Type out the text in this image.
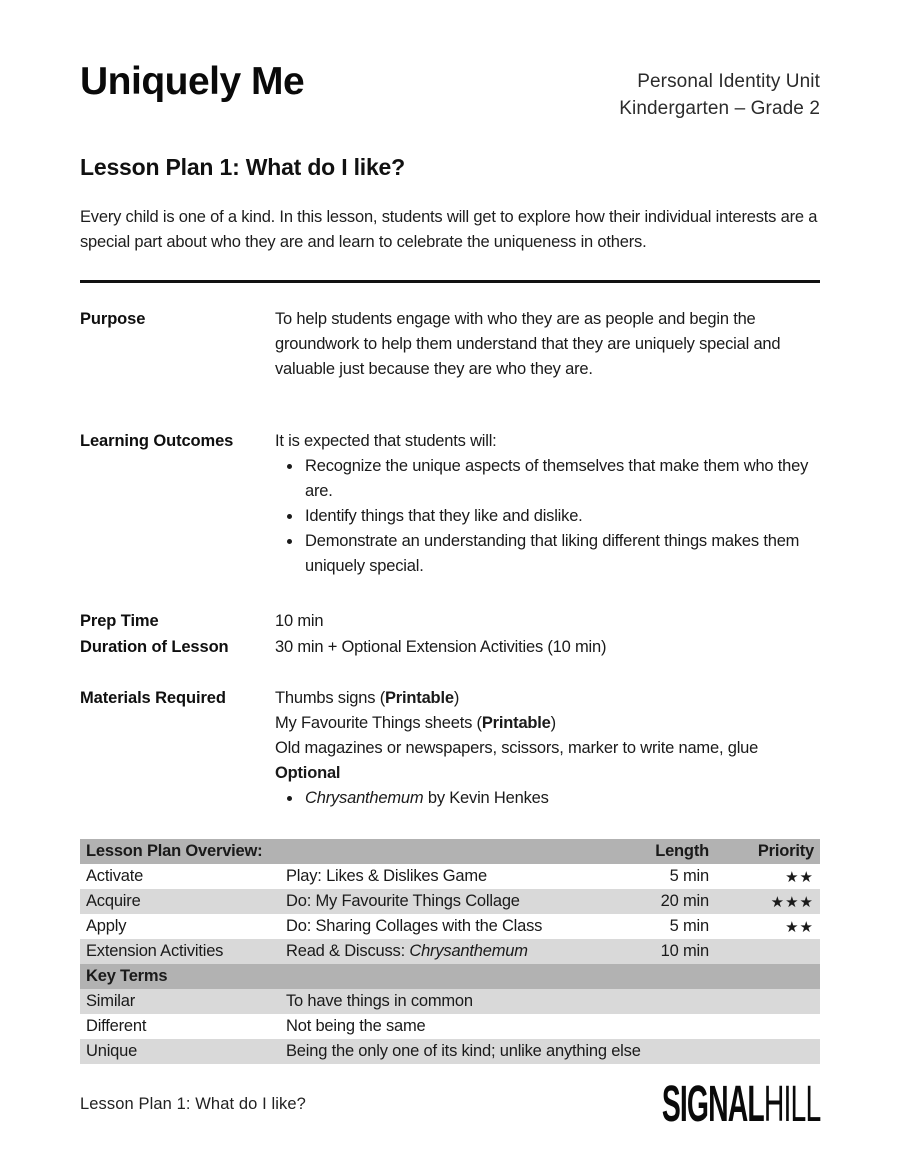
Uniquely Me	Personal Identity Unit
Kindergarten – Grade 2
Lesson Plan 1: What do I like?

Every child is one of a kind. In this lesson, students will get to explore how their individual interests are a special part about who they are and learn to celebrate the uniqueness in others.

Purpose	To help students engage with who they are as people and begin the groundwork to help them understand that they are uniquely special and valuable just because they are who they are.
Learning Outcomes	It is expected that students will:

• Recognize the unique aspects of themselves that make them who they are.
• Identify things that they like and dislike.
• Demonstrate an understanding that liking different things makes them uniquely special.
Prep Time	10 min
Duration of Lesson	30 min + Optional Extension Activities (10 min)
Materials Required	Thumbs signs (Printable)

My Favourite Things sheets (Printable)

Old magazines or newspapers, scissors, marker to write name, glue

Optional

• Chrysanthemum by Kevin Henkes
Lesson Plan Overview:		Length	Priority
Activate	Play: Likes & Dislikes Game	5 min	★★
Acquire	Do: My Favourite Things Collage	20 min	★★★
Apply	Do: Sharing Collages with the Class	5 min	★★
Extension Activities	Read & Discuss: Chrysanthemum	10 min	
Key Terms			
Similar	To have things in common		
Different	Not being the same		
Unique	Being the only one of its kind; unlike anything else		
Lesson Plan 1: What do I like?	SIGNALHILL
